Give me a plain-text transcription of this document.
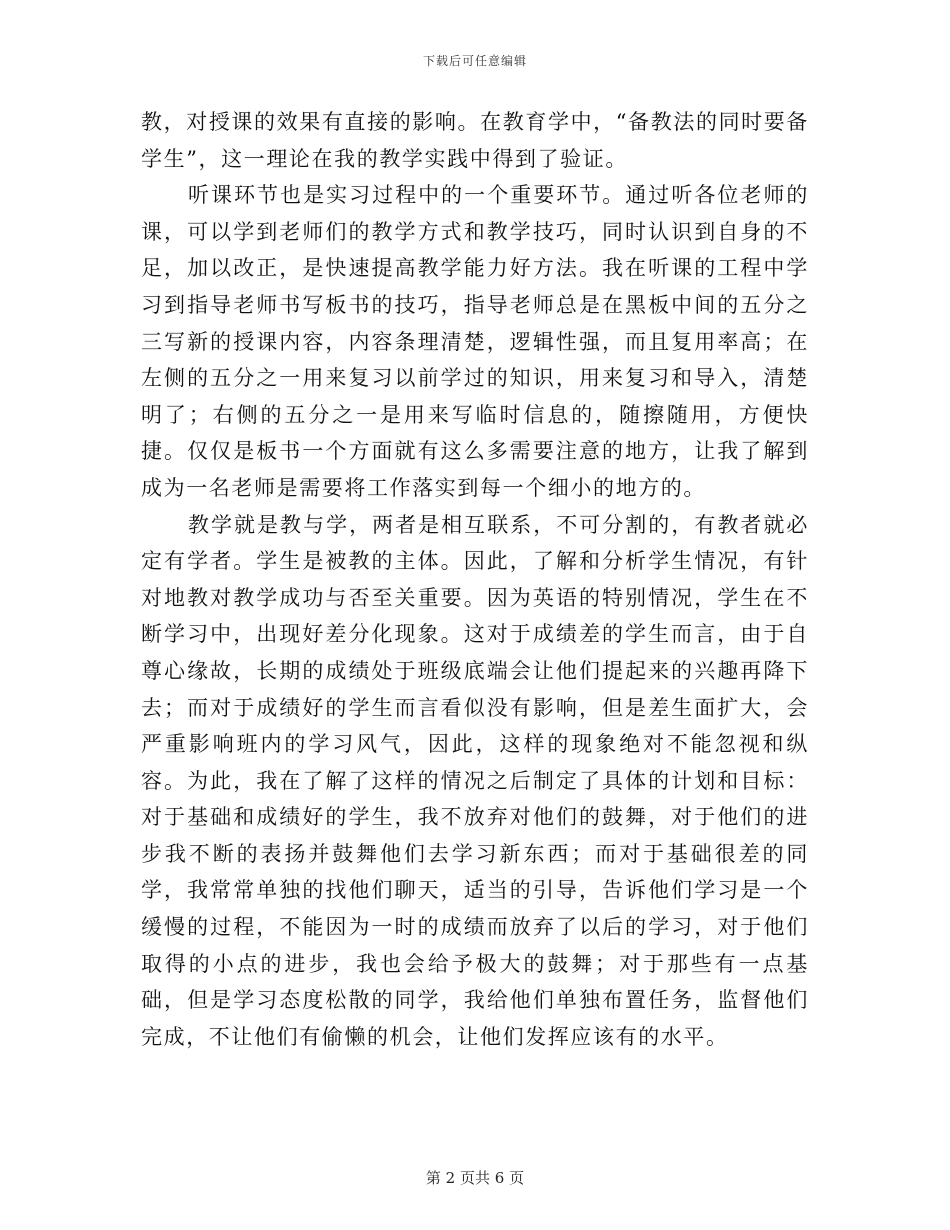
下载后可任意编辑

教，对授课的效果有直接的影响。在教育学中，“备教法的同时要备学生”，这一理论在我的教学实践中得到了验证。

听课环节也是实习过程中的一个重要环节。通过听各位老师的课，可以学到老师们的教学方式和教学技巧，同时认识到自身的不足，加以改正，是快速提高教学能力好方法。我在听课的工程中学习到指导老师书写板书的技巧，指导老师总是在黑板中间的五分之三写新的授课内容，内容条理清楚，逻辑性强，而且复用率高；在左侧的五分之一用来复习以前学过的知识，用来复习和导入，清楚明了；右侧的五分之一是用来写临时信息的，随擦随用，方便快捷。仅仅是板书一个方面就有这么多需要注意的地方，让我了解到成为一名老师是需要将工作落实到每一个细小的地方的。

教学就是教与学，两者是相互联系，不可分割的，有教者就必定有学者。学生是被教的主体。因此，了解和分析学生情况，有针对地教对教学成功与否至关重要。因为英语的特别情况，学生在不断学习中，出现好差分化现象。这对于成绩差的学生而言，由于自尊心缘故，长期的成绩处于班级底端会让他们提起来的兴趣再降下去；而对于成绩好的学生而言看似没有影响，但是差生面扩大，会严重影响班内的学习风气，因此，这样的现象绝对不能忽视和纵容。为此，我在了解了这样的情况之后制定了具体的计划和目标：对于基础和成绩好的学生，我不放弃对他们的鼓舞，对于他们的进步我不断的表扬并鼓舞他们去学习新东西；而对于基础很差的同学，我常常单独的找他们聊天，适当的引导，告诉他们学习是一个缓慢的过程，不能因为一时的成绩而放弃了以后的学习，对于他们取得的小点的进步，我也会给予极大的鼓舞；对于那些有一点基础，但是学习态度松散的同学，我给他们单独布置任务，监督他们完成，不让他们有偷懒的机会，让他们发挥应该有的水平。

第 2 页共 6 页
